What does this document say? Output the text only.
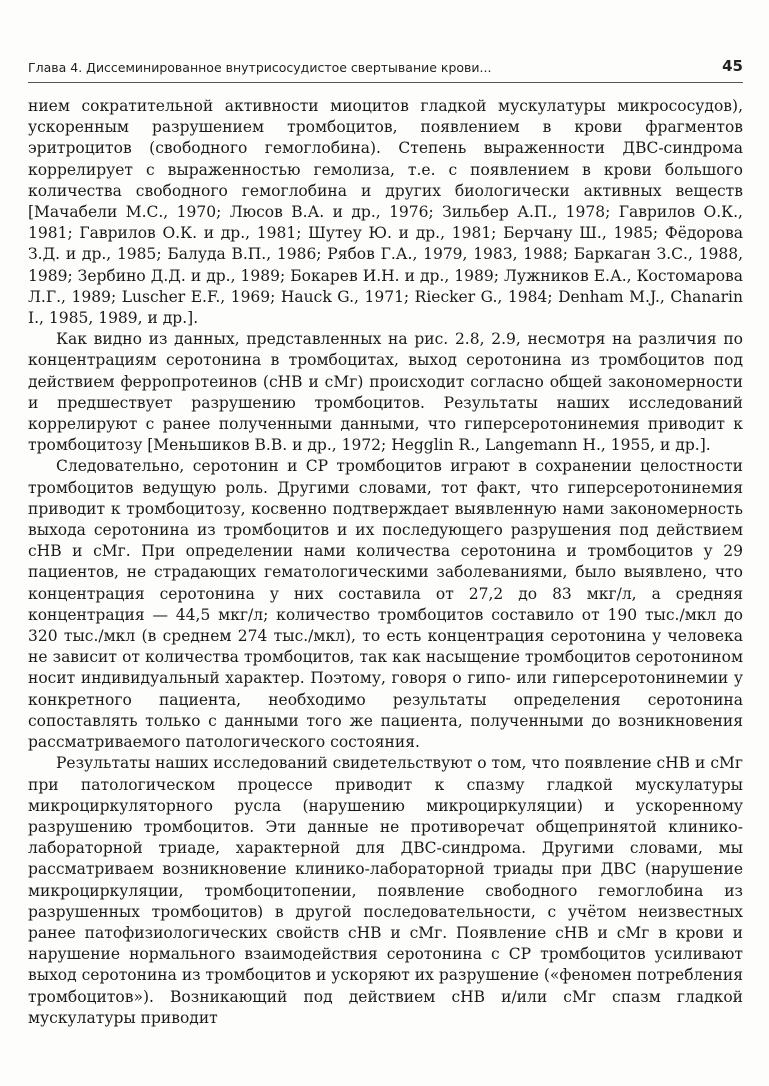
Глава 4. Диссеминированное внутрисосудистое свертывание крови...	45

нием сократительной активности миоцитов гладкой мускулатуры микрососудов), ускоренным разрушением тромбоцитов, появлением в крови фрагментов эритроцитов (свободного гемоглобина). Степень выраженности ДВС-синдрома коррелирует с выраженностью гемолиза, т.е. с появлением в крови большого количества свободного гемоглобина и других биологически активных веществ [Мачабели М.С., 1970; Люсов В.А. и др., 1976; Зильбер А.П., 1978; Гаврилов О.К., 1981; Гаврилов О.К. и др., 1981; Шутеу Ю. и др., 1981; Берчану Ш., 1985; Фёдорова З.Д. и др., 1985; Балуда В.П., 1986; Рябов Г.А., 1979, 1983, 1988; Баркаган З.С., 1988, 1989; Зербино Д.Д. и др., 1989; Бокарев И.Н. и др., 1989; Лужников Е.А., Костомарова Л.Г., 1989; Luscher E.F., 1969; Hauck G., 1971; Riecker G., 1984; Denham M.J., Chanarin I., 1985, 1989, и др.].

Как видно из данных, представленных на рис. 2.8, 2.9, несмотря на различия по концентрациям серотонина в тромбоцитах, выход серотонина из тромбоцитов под действием ферропротеинов (сНВ и сМг) происходит согласно общей закономерности и предшествует разрушению тромбоцитов. Результаты наших исследований коррелируют с ранее полученными данными, что гиперсеротонинемия приводит к тромбоцитозу [Меньшиков В.В. и др., 1972; Hegglin R., Langemann H., 1955, и др.].

Следовательно, серотонин и СР тромбоцитов играют в сохранении целостности тромбоцитов ведущую роль. Другими словами, тот факт, что гиперсеротонинемия приводит к тромбоцитозу, косвенно подтверждает выявленную нами закономерность выхода серотонина из тромбоцитов и их последующего разрушения под действием сНВ и сМг. При определении нами количества серотонина и тромбоцитов у 29 пациентов, не страдающих гематологическими заболеваниями, было выявлено, что концентрация серотонина у них составила от 27,2 до 83 мкг/л, а средняя концентрация — 44,5 мкг/л; количество тромбоцитов составило от 190 тыс./мкл до 320 тыс./мкл (в среднем 274 тыс./мкл), то есть концентрация серотонина у человека не зависит от количества тромбоцитов, так как насыщение тромбоцитов серотонином носит индивидуальный характер. Поэтому, говоря о гипо- или гиперсеротонинемии у конкретного пациента, необходимо результаты определения серотонина сопоставлять только с данными того же пациента, полученными до возникновения рассматриваемого патологического состояния.

Результаты наших исследований свидетельствуют о том, что появление сНВ и сМг при патологическом процессе приводит к спазму гладкой мускулатуры микроциркуляторного русла (нарушению микроциркуляции) и ускоренному разрушению тромбоцитов. Эти данные не противоречат общепринятой клинико-лабораторной триаде, характерной для ДВС-синдрома. Другими словами, мы рассматриваем возникновение клинико-лабораторной триады при ДВС (нарушение микроциркуляции, тромбоцитопении, появление свободного гемоглобина из разрушенных тромбоцитов) в другой последовательности, с учётом неизвестных ранее патофизиологических свойств сНВ и сМг. Появление сНВ и сМг в крови и нарушение нормального взаимодействия серотонина с СР тромбоцитов усиливают выход серотонина из тромбоцитов и ускоряют их разрушение («феномен потребления тромбоцитов»). Возникающий под действием сНВ и/или сМг спазм гладкой мускулатуры приводит
